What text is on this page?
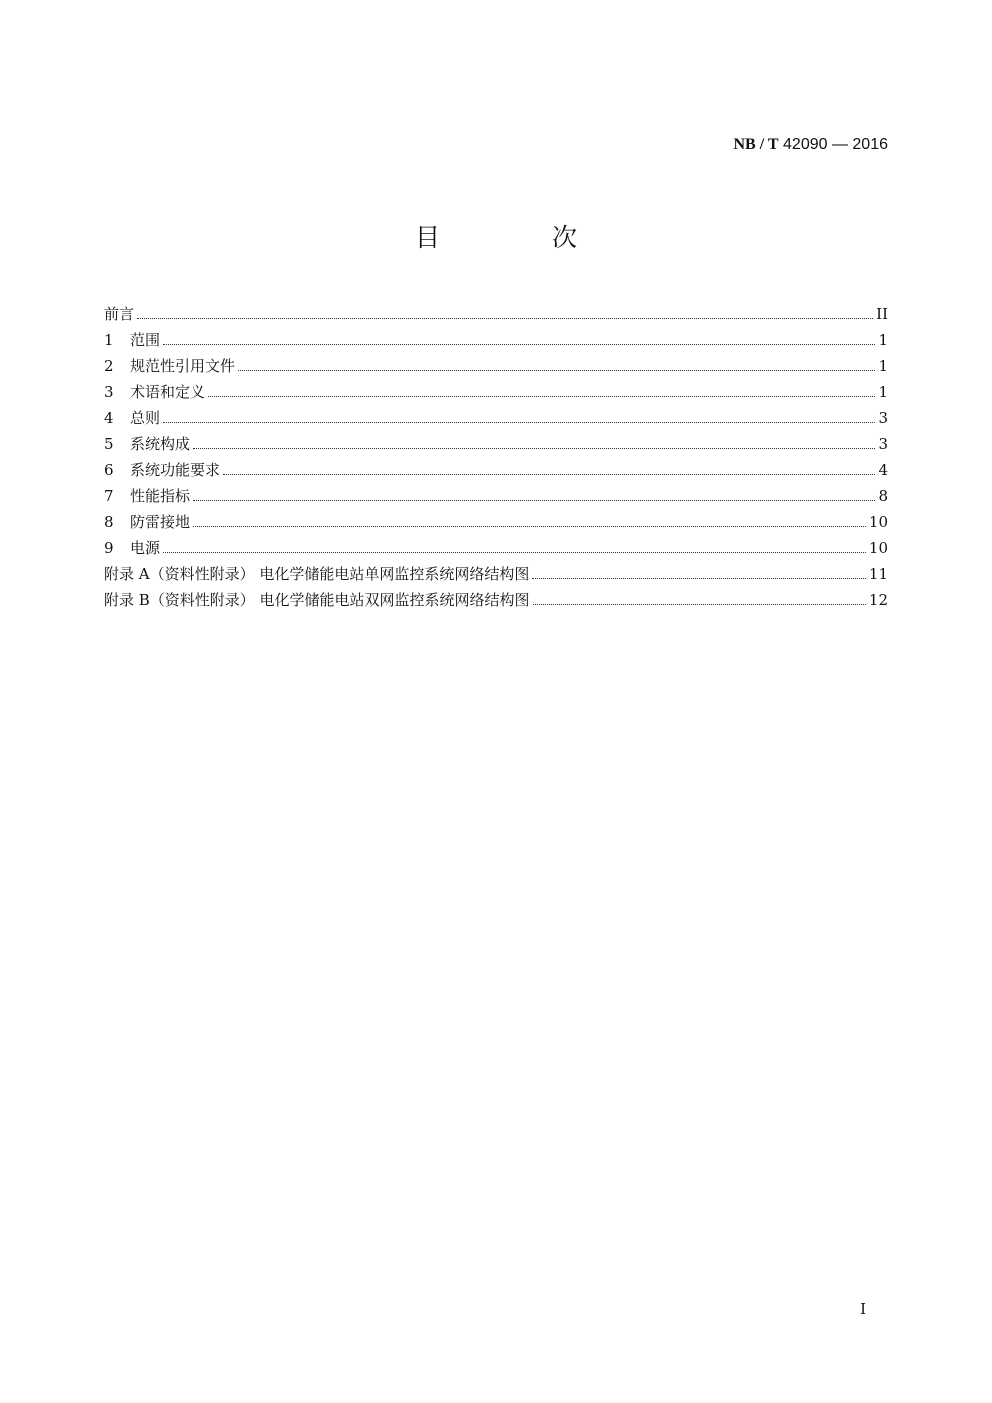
NB / T 42090 — 2016
目 次
前言	II
1	范围	1
2	规范性引用文件	1
3	术语和定义	1
4	总则	3
5	系统构成	3
6	系统功能要求	4
7	性能指标	8
8	防雷接地	10
9	电源	10
附录 A（资料性附录） 电化学储能电站单网监控系统网络结构图	11
附录 B（资料性附录） 电化学储能电站双网监控系统网络结构图	12
I
